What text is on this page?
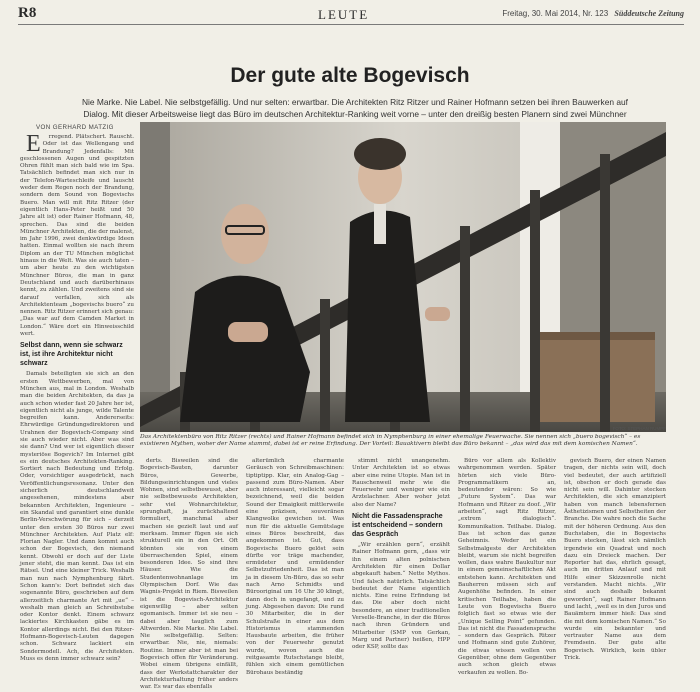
R8	LEUTE	Freitag, 30. Mai 2014, Nr. 123 Süddeutsche Zeitung
Der gute alte Bogevisch
Nie Marke. Nie Label. Nie selbstgefällig. Und nur selten: erwartbar. Die Architekten Ritz Ritzer und Rainer Hofmann setzen bei ihren Bauwerken auf Dialog. Mit dieser Arbeitsweise liegt das Büro im deutschen Architektur-Ranking weit vorne – unter den dreißig besten Planern sind zwei Münchner
VON GERHARD MATZIG

Erregend. Plätschert. Rauscht. Oder ist das Wellengang und Brandung? Jedenfalls: Mit geschlossenen Augen und gespitzten Ohren fühlt man sich bald wie im Spa. Tatsächlich befindet man sich nur in der Telefon-Warteschleife und lauscht weder dem Regen noch der Brandung, sondern dem Sound von Bogevischs Buero. Man will mit Ritz Ritzer (der eigentlich Hans-Peter heißt und 50 Jahre alt ist) oder Rainer Hofmann, 48, sprechen. Das sind die beiden Münchner Architekten, die der malenst, im Jahr 1996, zwei denkwürdige Ideen hatten. Einmal wollten sie nach ihrem Diplom an der TU München möglichst hinaus in die Welt. Was sie auch taten – um aber heute zu den wichtigsten Münchner Büros, die man in ganz Deutschland und auch darüberhinaus kennt, zu zählen. Und zweitens sind sie darauf verfallen, sich als Architektenteam „bogevischs buero“ zu nennen. Ritz Ritzer erinnert sich genau: „Das war auf dem Camden Market in London.“ Wäre dort ein Hinweisschild wert.

Selbst dann, wenn sie schwarz ist, ist ihre Architektur nicht schwarz

Damals beteiligten sie sich an den ersten Wettbewerben, mal von München aus, mal in London. Weshalb man die beiden Architekten, da das ja auch schon wieder fast 20 Jahre her ist, eigentlich nicht als junge, wilde Talente begreifen kann. Andererseits: Ehrwürdige Gründungsdirektoren und Urahnen der Bogevisch-Company sind sie auch wieder nicht. Aber was sind sie dann? Und wer ist eigentlich dieser mysteriöse Bogevich? Im Internet gibt es ein deutsches Architekten-Ranking. Sortiert nach Bedeutung und Erfolg. Oder, vorsichtiger ausgedrückt, nach Veröffentlichungsresonanz. Unter den sicherlich deutschlandweit angesehenen, mindestens aber bekannten Architekten, Ingenieure – ein Skandal und garantiert eine dunkle Berlin-Verschwörung für sich – derzeit unter den ersten 30 Büros nur zwei Münchner Architekten. Auf Platz elf: Florian Nagler. Und dann kommt auch schon der Bogevisch, den niemand kennt. Obwohl er doch auf der Liste jener steht, die man kennt. Das ist ein Rätsel. Und eine kleiner Trick. Weshalb man nun nach Nymphenburg fährt. Schon kann's: Dort befindet sich das sogenannte Büro, geschrieben auf dem allerzeitlich charmante Art mit „ue“ – weshalb man gleich an Schreibstube oder Kontor denkt. Einem schwarz lackiertes Kirchkasten gäbe es im Kontor allerdings nicht. Bei den Ritzer-Hofmann-Bogevisch-Leuten dagegen schon. Schwarz lackiert ein Sondermodell. Ach, die Architekten. Muss es denn immer schwarz sein?

FOTO: STEPHAN RUMPF
Das Architektenbüro von Ritz Ritzer (rechts) und Rainer Hofmann befindet sich in Nymphenburg in einer ehemalige Feuerwache. Sie nennen sich „buero bogevisch“ – es existieren Mythen, woher der Name stammt, dabei ist er reine Erfindung. Der Vorteil: Bauaktivern bleibt das Büro bekannt – „das wird das mit dem komischen Namen“.

derts. Bisweilen sind die Bogevisch-Bauten, darunter Büros, Gewerbe, Bildungseinrichtungen und vieles Wohnen, sind selbstbewusst, aber nie selbstbewusste Architekten, sehr viel Wohnarchitektur, sprunghaft, ja zurückhaltend formuliert, manchmal aber machen sie gezielt laut und auf merksam. Immer fügen sie sich strukturell ein in den Ort. Oft könnten sie von einem überraschenden Spiel, einem besonderen Idee. So sind ihre Häuser. Wie die Studentenwohnanlage im Olympischen Dorf. Wie das Wagnis-Projekt in Riem. Bisweilen ist die Bogevisch-Architektur eigenwillig – aber selten egomanisch. Immer ist sie neu – dabei aber tauglich zum Altwerden. Nie Marke. Nie Label. Nie selbstgefällig. Selten: erwartbar. Nie, nie, niemals: Routine. Immer aber ist man bei Bogevisch offen für Veränderung. Wobei einem übrigens einfällt, dass der Werkstattcharakter der Architekturhaltung früher anders war. Es war das ebenfalls

alterümlich charmante Geräusch von Schreibmaschinen: tiptiptipp. Klar, ein Analog-Gag – passend zum Büro-Namen. Aber auch interessant, vielleicht sogar bezeichnend, weil die beiden Sound der Emaigkeit mittlerweile eine präzisen, souveränen Klangwolke gewichen ist. Was nun für die aktuelle Gemütslage eines Büros beschreibt, das angekommen ist. Gut, dass Bogevischs Buero gelöst sein dürfte vor träge machender, ermüdeter und ermüdender Selbstzufriedenheit. Das ist man ja in diesem Un-Büro, das so sehr nach Arno Schmidts und Bürooriginal um 16 Uhr 30 klingt, dann doch in ungefangt, und zu jung. Abgesehen davon: Die rund 30 Mitarbeiter, die in der Schulstraße in einer aus dem Historismus stammenden Hausbaute arbeiten, die früher von der Feuerwehr genutzt wurde, wovon auch die reitgasamte Rutschstange bleibt, fühlen sich einem gemütlichen Bürohaus beständig

stimmt nicht unangenehm. Unter Architekten ist so etwas aber eine reine Utopie. Man ist in Rauschenweil mehr wie die Feuerwehr und weniger wie ein Arztelachner. Aber woher jetzt also der Name?

Nicht die Fassadensprache ist entscheidend – sondern das Gespräch

„Wir erzählen gern“, erzählt Rainer Hofmann gern, „dass wir ihn einem alten polnischen Architekten für einen Dollar abgekauft haben.“ Nette Mythos. Und falsch natürlich. Tatsächlich bedeutet der Name eigentlich nichts. Eine reine Erfindung ist das. Die aber doch nicht besondere, an einer traditionellen Verselle-Branche, in der die Büros nach ihren Gründern und Mitarbeiter (SMP von Gerkan, Marg und Partner) heißen, HPP oder KSP, sollte das

Büro vor allem als Kollektiv wahrgenommen werden. Später hörten sich viele Büro-Programmatikern an, bedeutender wären: So wie „Future System“. Das war Hofmann und Ritzer zu doof. „Wir arbeiten“, sagt Ritz Ritzer, „extrem dialogisch“. Kommunikation. Teilhabe. Dialog. Das ist schon das ganze Geheimnis. Weder ist ein Selbstmalgeste der Architekten bleibt, warum sie nicht begreifen wollen, dass wahre Baukultur nur in einem gemeinschaftlichen Akt entstehen kann. Architekten und Bauherren müssen sich auf Augenhöhe befinden. In einer kritischen Teilhabe, haben die Leute von Bogevischs Buero folglich fast so etwas wie der „Unique Selling Point“ gefunden. Das ist nicht die Fassadensprache – sondern das Gespräch. Ritzer und Hofmann sind gute Zuhörer, die etwas wissen wollen von Gegenüber, ohne dem Gegenüber auch schon gleich etwas verkaufen zu wollen. Bo-

gevisch Buero, der einen Namen tragen, der nichts sein will, doch viel bedeutet, der auch artifiziell ist, obschon er doch gerade das nicht sein will. Dahinter stecken Architekten, die sich emanzipiert haben von manch lebensfernen Ästhetizismen und Selbstheiten der Branche. Die wahre noch die Sache mit der höheren Ordnung. Aus den Buchstaben, die in Bogevischs Buero stecken, lässt sich nämlich irgendwie ein Quadrat und noch dazu ein Dreieck machen. Der Reporter hat das, ehrlich gesagt, auch im dritten Anlauf und mit Hilfe einer Skizzenrolle nicht verstanden. Macht nichts. „Wir sind auch deshalb bekannt geworden“, sagt Rainer Hofmann und lacht, „weil es in den Juros und Bauämtern immer hieß: Das sind die mit dem komischen Namen.“ So wurde ein bekannter und vertrauter Name aus dem Fremdsein. Der gute alte Bogevisch. Wirklich, kein übler Trick.
